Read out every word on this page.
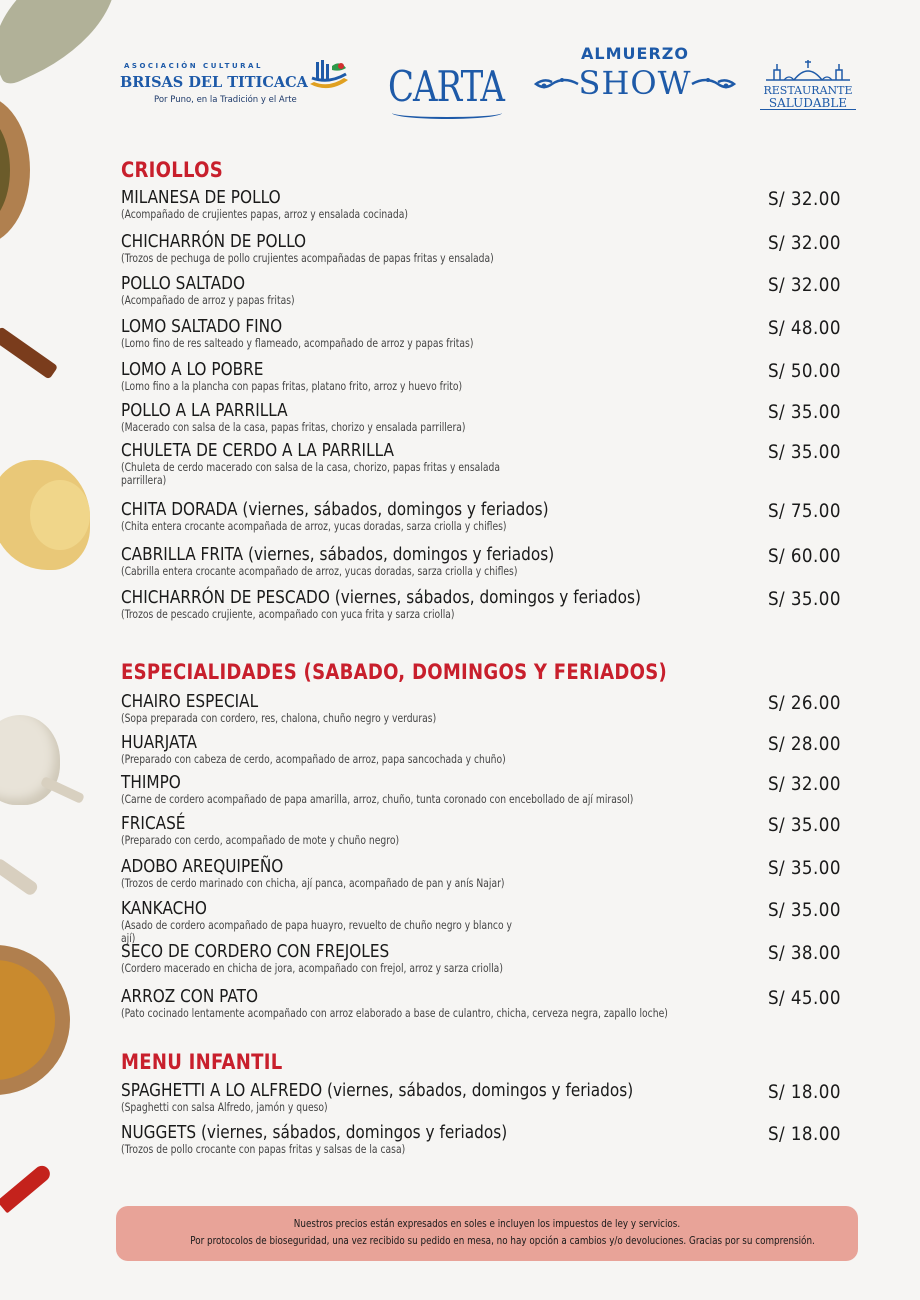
ASOCIACIÓN CULTURAL
BRISAS DEL TITICACA
Por Puno, en la Tradición y el Arte	CARTA
ALMUERZO
SHOW	RESTAURANTE
SALUDABLE
CRIOLLOS
MILANESA DE POLLO
(Acompañado de crujientes papas, arroz y ensalada cocinada)
S/ 32.00
CHICHARRÓN DE POLLO
(Trozos de pechuga de pollo crujientes acompañadas de papas fritas y ensalada)
S/ 32.00
POLLO SALTADO
(Acompañado de arroz y papas fritas)
S/ 32.00
LOMO SALTADO FINO
(Lomo fino de res salteado y flameado, acompañado de arroz y papas fritas)
S/ 48.00
LOMO A LO POBRE
(Lomo fino a la plancha con papas fritas, platano frito, arroz y huevo frito)
S/ 50.00
POLLO A LA PARRILLA
(Macerado con salsa de la casa, papas fritas, chorizo y ensalada parrillera)
S/ 35.00
CHULETA DE CERDO A LA PARRILLA
(Chuleta de cerdo macerado con salsa de la casa, chorizo, papas fritas y ensalada parrillera)
S/ 35.00
CHITA DORADA (viernes, sábados, domingos y feriados)
(Chita entera crocante acompañada de arroz, yucas doradas, sarza criolla y chifles)
S/ 75.00
CABRILLA FRITA (viernes, sábados, domingos y feriados)
(Cabrilla entera crocante acompañado de arroz, yucas doradas, sarza criolla y chifles)
S/ 60.00
CHICHARRÓN DE PESCADO (viernes, sábados, domingos y feriados)
(Trozos de pescado crujiente, acompañado con yuca frita y sarza criolla)
S/ 35.00
ESPECIALIDADES (SABADO, DOMINGOS Y FERIADOS)
CHAIRO ESPECIAL
(Sopa preparada con cordero, res, chalona, chuño negro y verduras)
S/ 26.00
HUARJATA
(Preparado con cabeza de cerdo, acompañado de arroz, papa sancochada y chuño)
S/ 28.00
THIMPO
(Carne de cordero acompañado de papa amarilla, arroz, chuño, tunta coronado con encebollado de ají mirasol)
S/ 32.00
FRICASÉ
(Preparado con cerdo, acompañado de mote y chuño negro)
S/ 35.00
ADOBO AREQUIPEÑO
(Trozos de cerdo marinado con chicha, ají panca, acompañado de pan y anís Najar)
S/ 35.00
KANKACHO
(Asado de cordero acompañado de papa huayro, revuelto de chuño negro y blanco y ají)
S/ 35.00
SECO DE CORDERO CON FREJOLES
(Cordero macerado en chicha de jora, acompañado con frejol, arroz y sarza criolla)
S/ 38.00
ARROZ CON PATO
(Pato cocinado lentamente acompañado con arroz elaborado a base de culantro, chicha, cerveza negra, zapallo loche)
S/ 45.00
MENU INFANTIL
SPAGHETTI A LO ALFREDO (viernes, sábados, domingos y feriados)
(Spaghetti con salsa Alfredo, jamón y queso)
S/ 18.00
NUGGETS (viernes, sábados, domingos y feriados)
(Trozos de pollo crocante con papas fritas y salsas de la casa)
S/ 18.00
Nuestros precios están expresados en soles e incluyen los impuestos de ley y servicios.
Por protocolos de bioseguridad, una vez recibido su pedido en mesa, no hay opción a cambios y/o devoluciones. Gracias por su comprensión.
